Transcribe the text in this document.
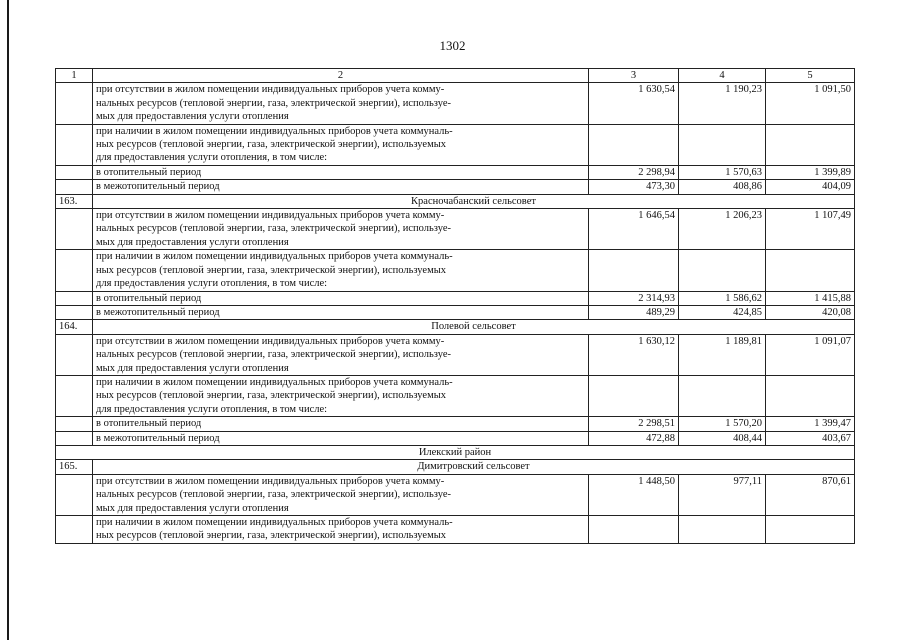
1302
1	2	3	4	5
	при отсутствии в жилом помещении индивидуальных приборов учета комму-
нальных ресурсов (тепловой энергии, газа, электрической энергии), используе-
мых для предоставления услуги отопления	1 630,54	1 190,23	1 091,50
	при наличии в жилом помещении индивидуальных приборов учета коммуналь-
ных ресурсов (тепловой энергии, газа, электрической энергии), используемых
для предоставления услуги отопления, в том числе:			
	в отопительный период	2 298,94	1 570,63	1 399,89
	в межотопительный период	473,30	408,86	404,09
163.	Красночабанский сельсовет			
	при отсутствии в жилом помещении индивидуальных приборов учета комму-
нальных ресурсов (тепловой энергии, газа, электрической энергии), используе-
мых для предоставления услуги отопления	1 646,54	1 206,23	1 107,49
	при наличии в жилом помещении индивидуальных приборов учета коммуналь-
ных ресурсов (тепловой энергии, газа, электрической энергии), используемых
для предоставления услуги отопления, в том числе:			
	в отопительный период	2 314,93	1 586,62	1 415,88
	в межотопительный период	489,29	424,85	420,08
164.	Полевой сельсовет			
	при отсутствии в жилом помещении индивидуальных приборов учета комму-
нальных ресурсов (тепловой энергии, газа, электрической энергии), используе-
мых для предоставления услуги отопления	1 630,12	1 189,81	1 091,07
	при наличии в жилом помещении индивидуальных приборов учета коммуналь-
ных ресурсов (тепловой энергии, газа, электрической энергии), используемых
для предоставления услуги отопления, в том числе:			
	в отопительный период	2 298,51	1 570,20	1 399,47
	в межотопительный период	472,88	408,44	403,67
Илекский район				
165.	Димитровский сельсовет			
	при отсутствии в жилом помещении индивидуальных приборов учета комму-
нальных ресурсов (тепловой энергии, газа, электрической энергии), используе-
мых для предоставления услуги отопления	1 448,50	977,11	870,61
	при наличии в жилом помещении индивидуальных приборов учета коммуналь-
ных ресурсов (тепловой энергии, газа, электрической энергии), используемых			
